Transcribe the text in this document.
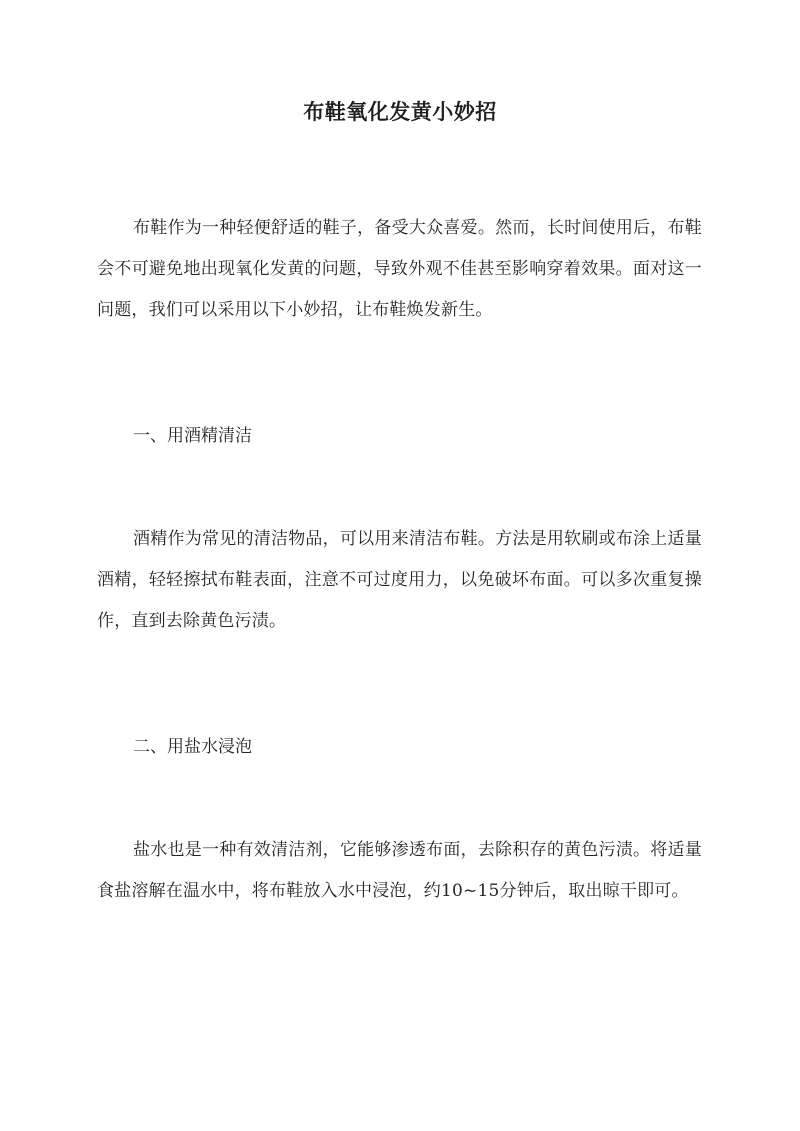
布鞋氧化发黄小妙招

布鞋作为一种轻便舒适的鞋子，备受大众喜爱。然而，长时间使用后，布鞋会不可避免地出现氧化发黄的问题，导致外观不佳甚至影响穿着效果。面对这一问题，我们可以采用以下小妙招，让布鞋焕发新生。

一、用酒精清洁

酒精作为常见的清洁物品，可以用来清洁布鞋。方法是用软刷或布涂上适量酒精，轻轻擦拭布鞋表面，注意不可过度用力，以免破坏布面。可以多次重复操作，直到去除黄色污渍。

二、用盐水浸泡

盐水也是一种有效清洁剂，它能够渗透布面，去除积存的黄色污渍。将适量食盐溶解在温水中，将布鞋放入水中浸泡，约10~15分钟后，取出晾干即可。
